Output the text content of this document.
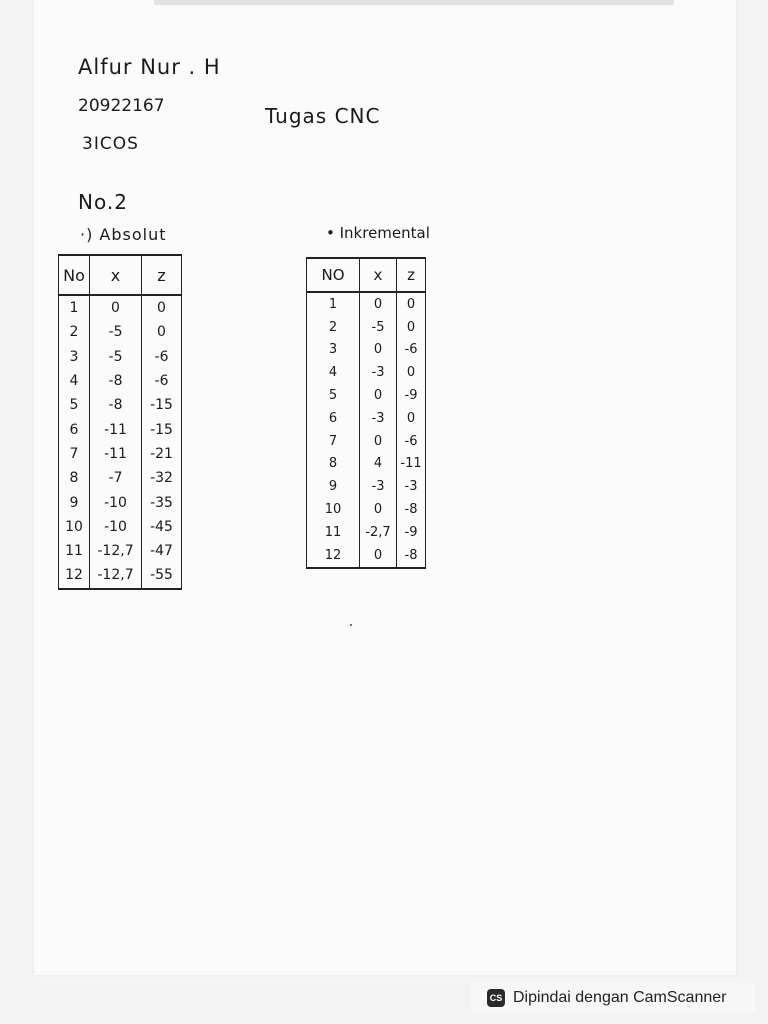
Alfur Nur . H
20922167
3ICOS
Tugas CNC
No.2
·) Absolut	• Inkremental
No	x	z
1	0	0
2	-5	0
3	-5	-6
4	-8	-6
5	-8	-15
6	-11	-15
7	-11	-21
8	-7	-32
9	-10	-35
10	-10	-45
11	-12,7	-47
12	-12,7	-55
NO	x	z
1	0	0
2	-5	0
3	0	-6
4	-3	0
5	0	-9
6	-3	0
7	0	-6
8	4	-11
9	-3	-3
10	0	-8
11	-2,7	-9
12	0	-8
CS Dipindai dengan CamScanner
